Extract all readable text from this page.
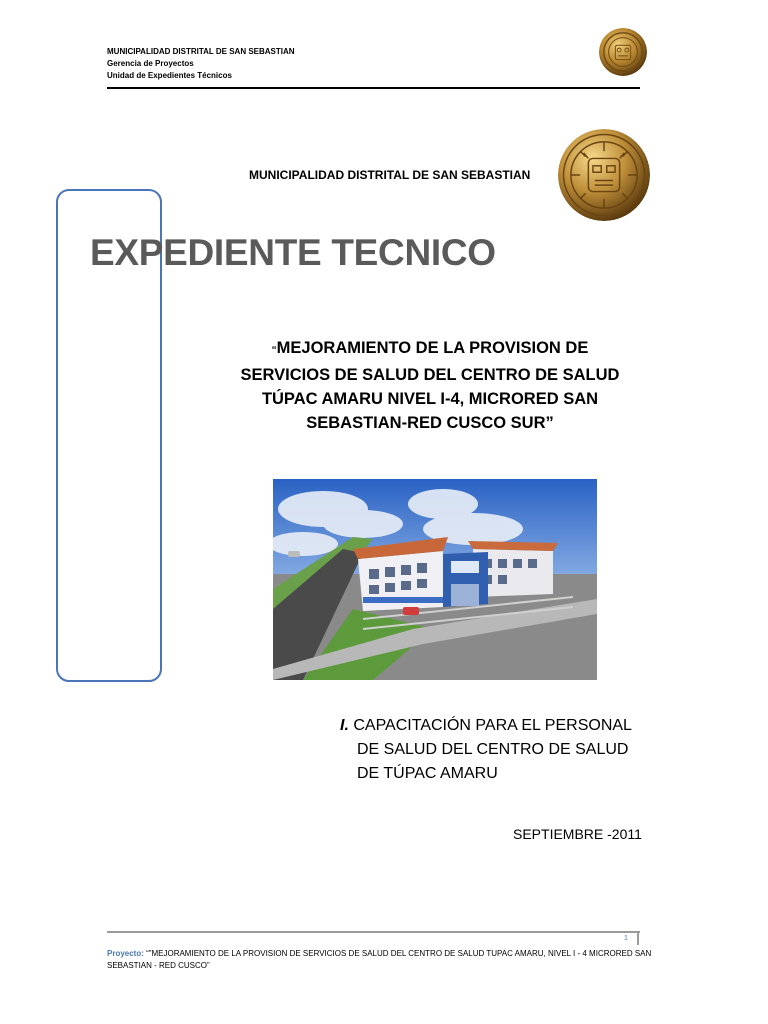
MUNICIPALIDAD DISTRITAL DE SAN SEBASTIAN
Gerencia de Proyectos
Unidad de Expedientes Técnicos
MUNICIPALIDAD DISTRITAL DE SAN SEBASTIAN
EXPEDIENTE TECNICO
“MEJORAMIENTO DE LA PROVISION DE SERVICIOS DE SALUD DEL CENTRO DE SALUD TÚPAC AMARU NIVEL I-4, MICRORED SAN SEBASTIAN-RED CUSCO SUR”
I. CAPACITACIÓN PARA EL PERSONAL
DE SALUD DEL CENTRO DE SALUD
DE TÚPAC AMARU
SEPTIEMBRE -2011
1
Proyecto: “”MEJORAMIENTO DE LA PROVISION DE SERVICIOS DE SALUD DEL CENTRO DE SALUD TUPAC AMARU, NIVEL I - 4 MICRORED SAN SEBASTIAN - RED CUSCO”
